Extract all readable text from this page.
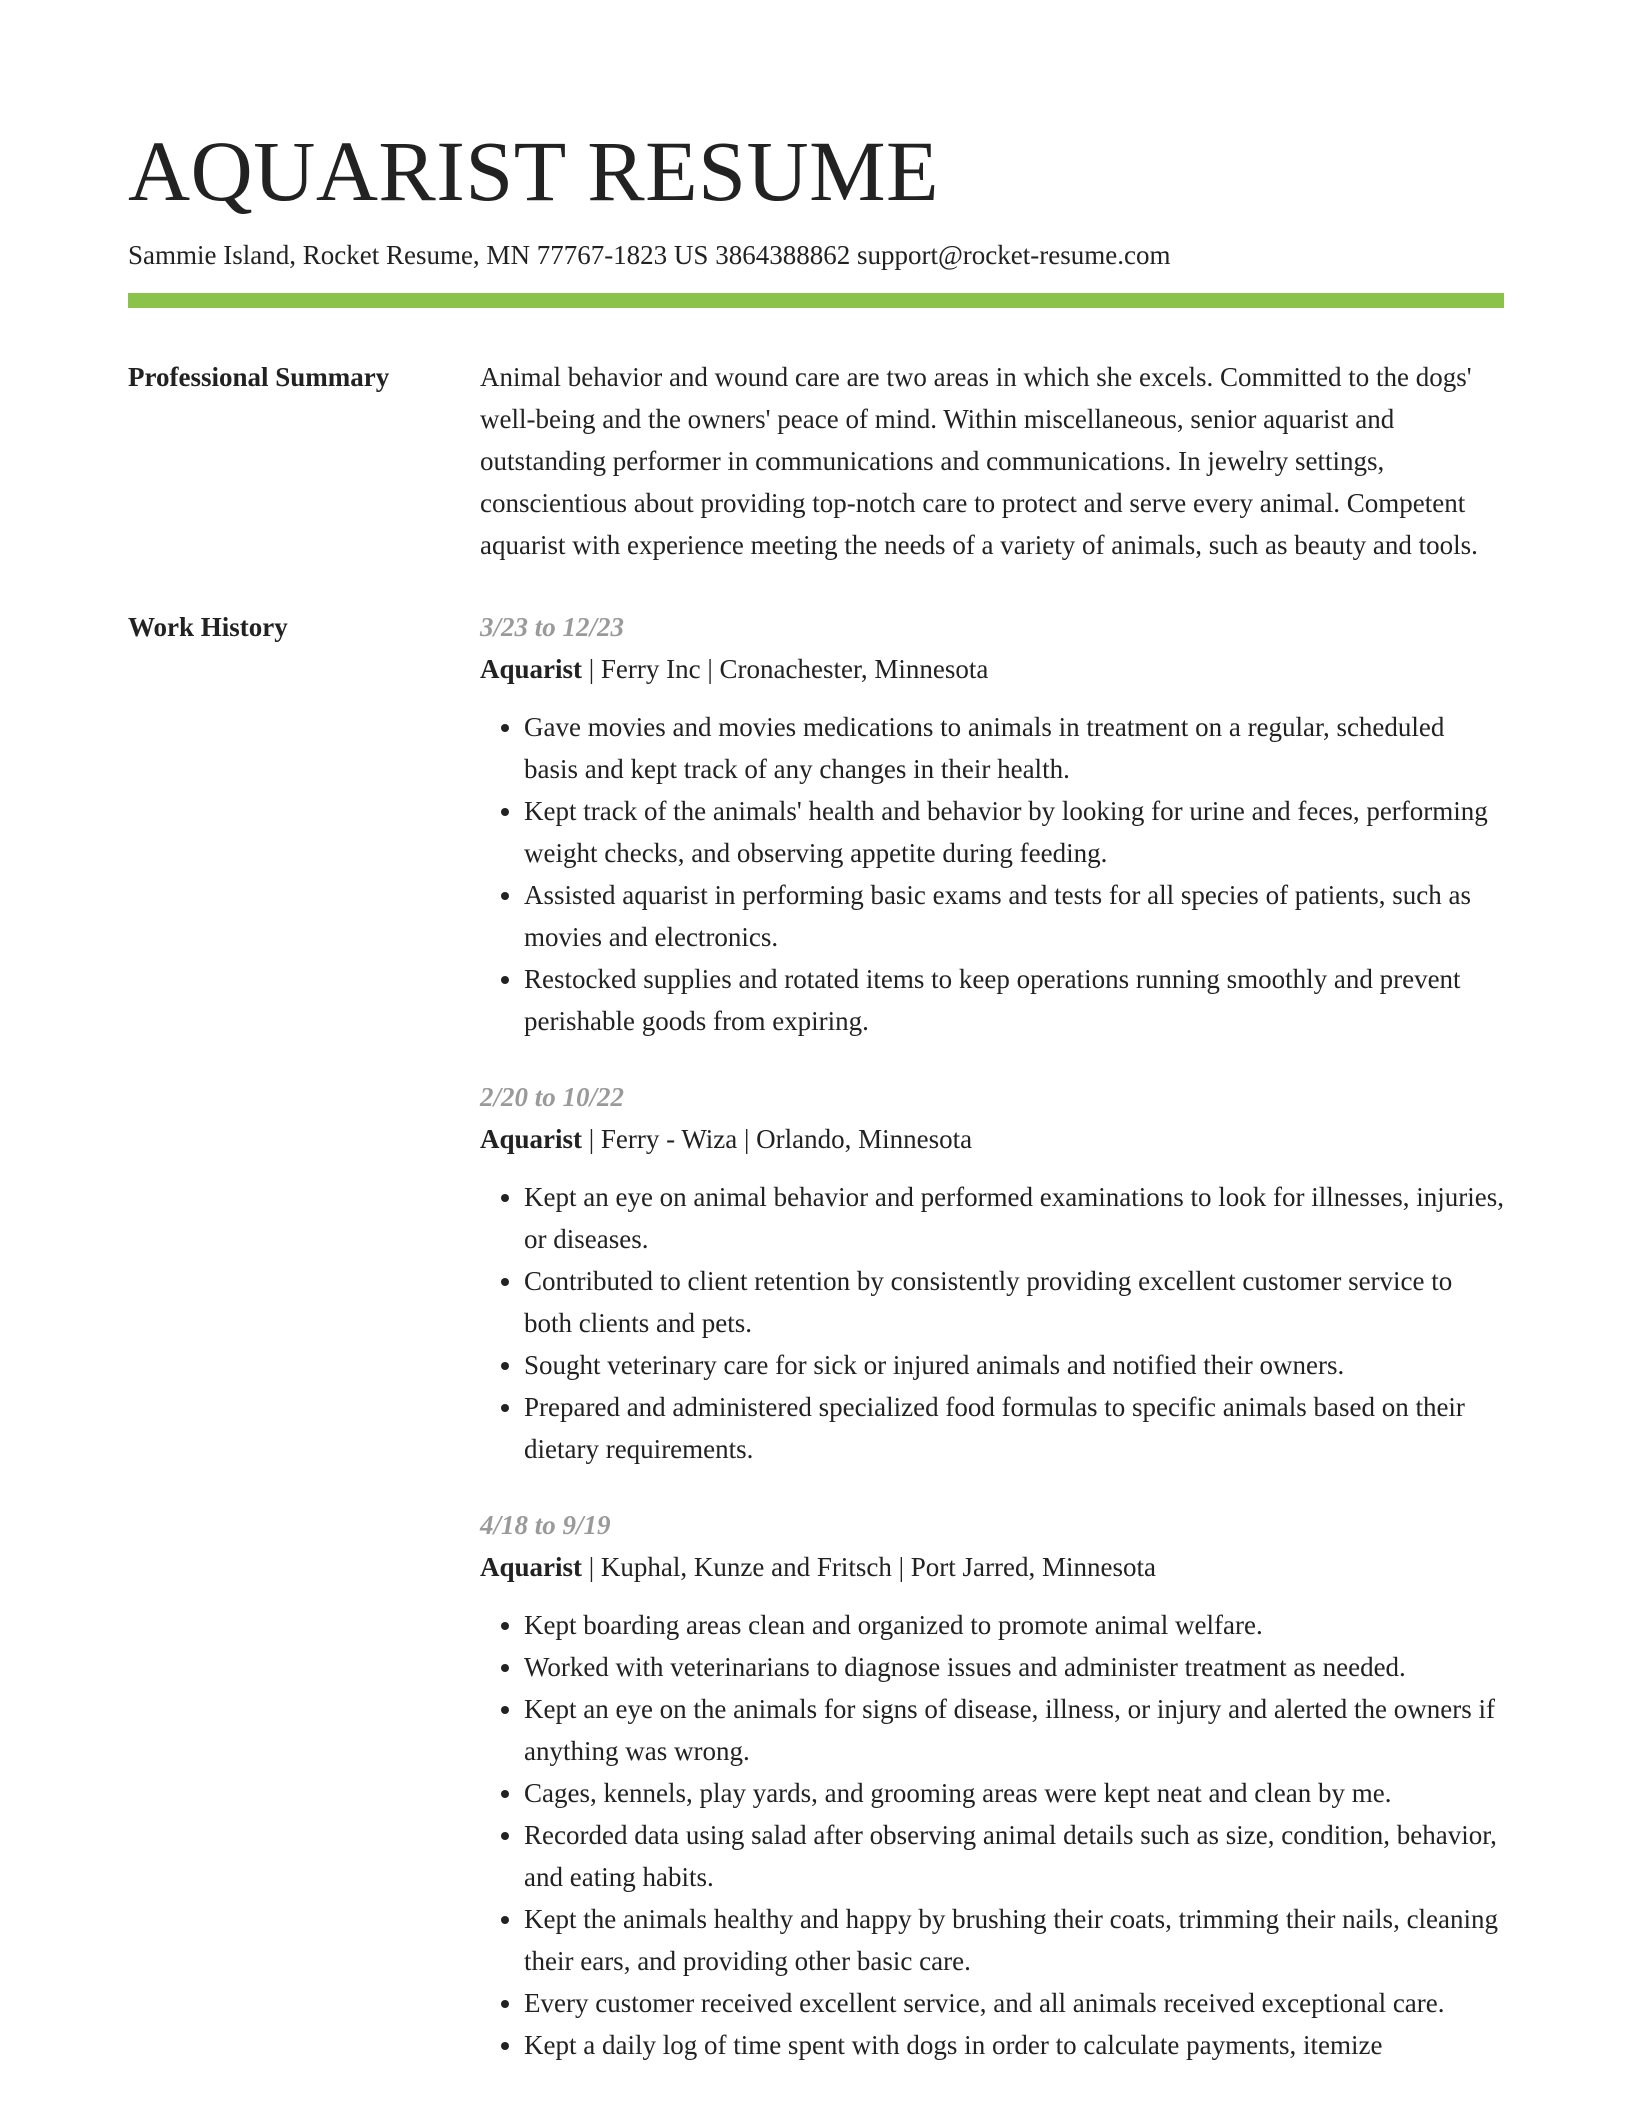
AQUARIST RESUME
Sammie Island, Rocket Resume, MN 77767-1823 US 3864388862 support@rocket-resume.com
Professional Summary	Animal behavior and wound care are two areas in which she excels. Committed to the dogs' well-being and the owners' peace of mind. Within miscellaneous, senior aquarist and outstanding performer in communications and communications. In jewelry settings, conscientious about providing top-notch care to protect and serve every animal. Competent aquarist with experience meeting the needs of a variety of animals, such as beauty and tools.

Work History	3/23 to 12/23
Aquarist | Ferry Inc | Cronachester, Minnesota
• Gave movies and movies medications to animals in treatment on a regular, scheduled basis and kept track of any changes in their health.
• Kept track of the animals' health and behavior by looking for urine and feces, performing weight checks, and observing appetite during feeding.
• Assisted aquarist in performing basic exams and tests for all species of patients, such as movies and electronics.
• Restocked supplies and rotated items to keep operations running smoothly and prevent perishable goods from expiring.
2/20 to 10/22
Aquarist | Ferry - Wiza | Orlando, Minnesota
• Kept an eye on animal behavior and performed examinations to look for illnesses, injuries, or diseases.
• Contributed to client retention by consistently providing excellent customer service to both clients and pets.
• Sought veterinary care for sick or injured animals and notified their owners.
• Prepared and administered specialized food formulas to specific animals based on their dietary requirements.
4/18 to 9/19
Aquarist | Kuphal, Kunze and Fritsch | Port Jarred, Minnesota
• Kept boarding areas clean and organized to promote animal welfare.
• Worked with veterinarians to diagnose issues and administer treatment as needed.
• Kept an eye on the animals for signs of disease, illness, or injury and alerted the owners if anything was wrong.
• Cages, kennels, play yards, and grooming areas were kept neat and clean by me.
• Recorded data using salad after observing animal details such as size, condition, behavior, and eating habits.
• Kept the animals healthy and happy by brushing their coats, trimming their nails, cleaning their ears, and providing other basic care.
• Every customer received excellent service, and all animals received exceptional care.
• Kept a daily log of time spent with dogs in order to calculate payments, itemize
